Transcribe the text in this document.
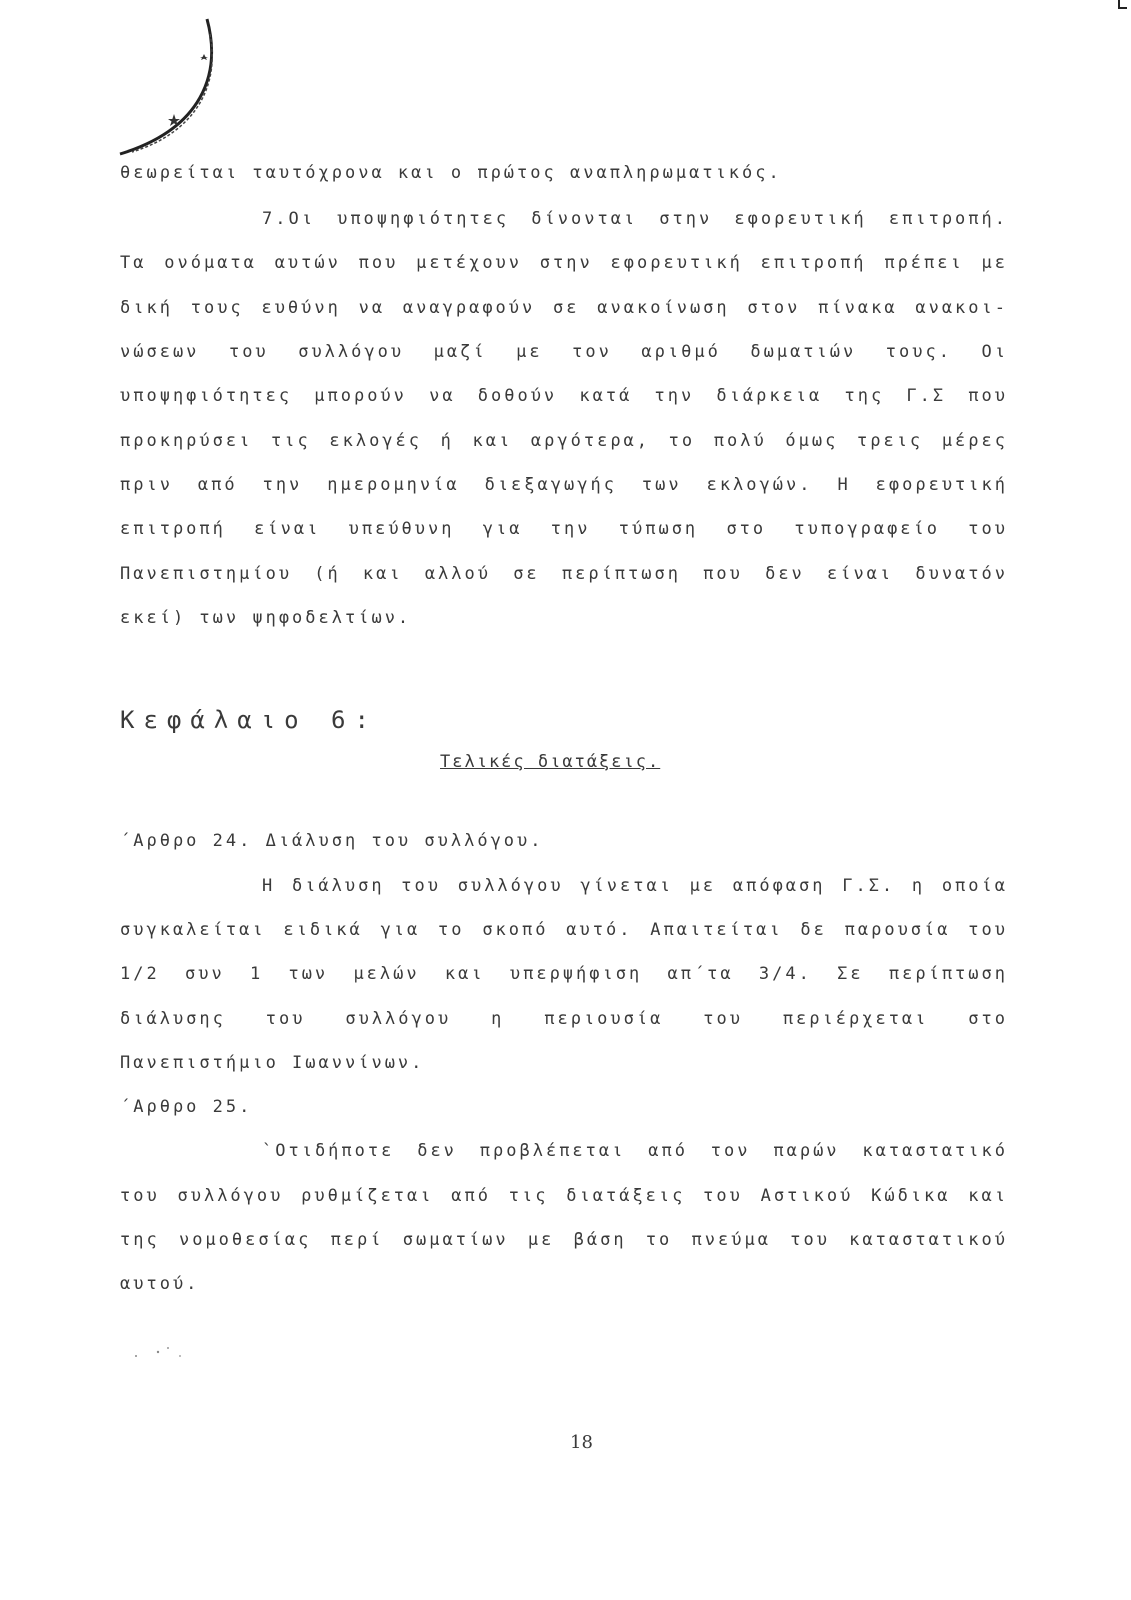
θεωρείται ταυτόχρονα και ο πρώτος αναπληρωματικός.
7.Οι υποψηφιότητες δίνονται στην εφορευτική επιτροπή.
Τα ονόματα αυτών που μετέχουν στην εφορευτική επιτροπή πρέπει με
δική τους ευθύνη να αναγραφούν σε ανακοίνωση στον πίνακα ανακοι-
νώσεων του συλλόγου μαζί με τον αριθμό δωματιών τους. Οι
υποψηφιότητες μπορούν να δοθούν κατά την διάρκεια της Γ.Σ που
προκηρύσει τις εκλογές ή και αργότερα, το πολύ όμως τρεις μέρες
πριν από την ημερομηνία διεξαγωγής των εκλογών. Η εφορευτική
επιτροπή είναι υπεύθυνη για την τύπωση στο τυπογραφείο του
Πανεπιστημίου (ή και αλλού σε περίπτωση που δεν είναι δυνατόν
εκεί) των ψηφοδελτίων.
Κεφάλαιο 6:
Τελικές διατάξεις.
΄Αρθρο 24. Διάλυση του συλλόγου.
Η διάλυση του συλλόγου γίνεται με απόφαση Γ.Σ. η οποία
συγκαλείται ειδικά για το σκοπό αυτό. Απαιτείται δε παρουσία του
1/2 συν 1 των μελών και υπερψήφιση απ΄τα 3/4. Σε περίπτωση
διάλυσης του συλλόγου η περιουσία του περιέρχεται στο
Πανεπιστήμιο Ιωαννίνων.
΄Αρθρο 25.
`Οτιδήποτε δεν προβλέπεται από τον παρών καταστατικό
του συλλόγου ρυθμίζεται από τις διατάξεις του Αστικού Κώδικα και
της νομοθεσίας περί σωματίων με βάση το πνεύμα του καταστατικού
αυτού.
18
